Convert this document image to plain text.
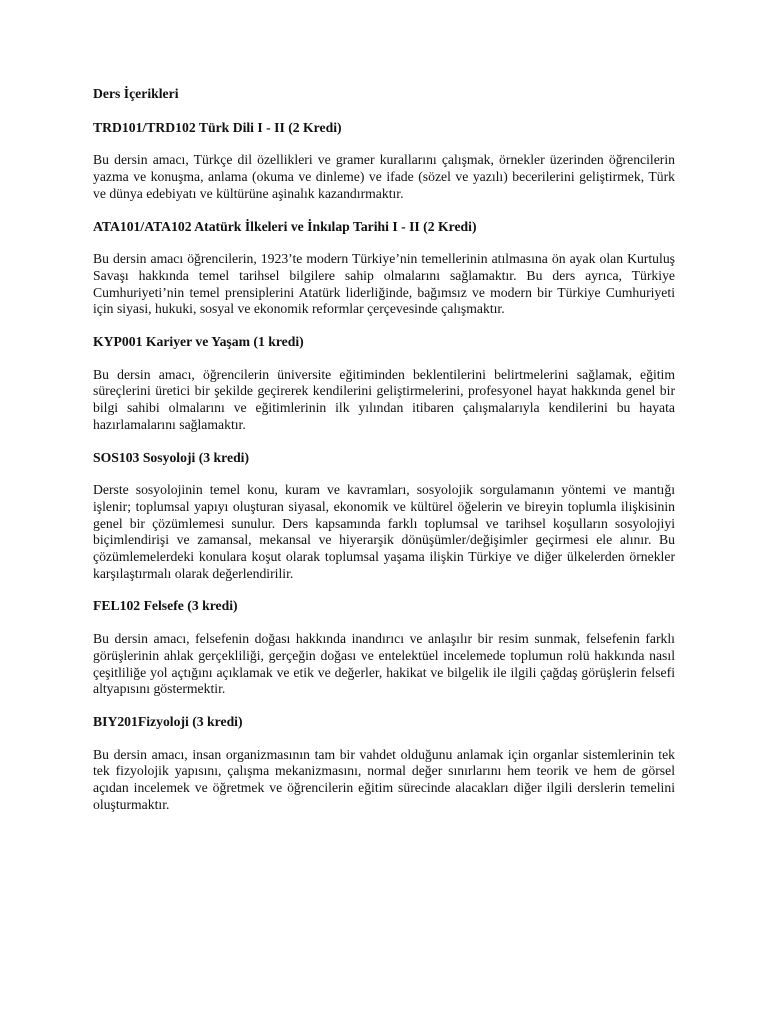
Ders İçerikleri

TRD101/TRD102 Türk Dili I - II (2 Kredi)

Bu dersin amacı, Türkçe dil özellikleri ve gramer kurallarını çalışmak, örnekler üzerinden öğrencilerin yazma ve konuşma, anlama (okuma ve dinleme) ve ifade (sözel ve yazılı) becerilerini geliştirmek, Türk ve dünya edebiyatı ve kültürüne aşinalık kazandırmaktır.

ATA101/ATA102 Atatürk İlkeleri ve İnkılap Tarihi I - II (2 Kredi)

Bu dersin amacı öğrencilerin, 1923’te modern Türkiye’nin temellerinin atılmasına ön ayak olan Kurtuluş Savaşı hakkında temel tarihsel bilgilere sahip olmalarını sağlamaktır. Bu ders ayrıca, Türkiye Cumhuriyeti’nin temel prensiplerini Atatürk liderliğinde, bağımsız ve modern bir Türkiye Cumhuriyeti için siyasi, hukuki, sosyal ve ekonomik reformlar çerçevesinde çalışmaktır.

KYP001 Kariyer ve Yaşam (1 kredi)

Bu dersin amacı, öğrencilerin üniversite eğitiminden beklentilerini belirtmelerini sağlamak, eğitim süreçlerini üretici bir şekilde geçirerek kendilerini geliştirmelerini, profesyonel hayat hakkında genel bir bilgi sahibi olmalarını ve eğitimlerinin ilk yılından itibaren çalışmalarıyla kendilerini bu hayata hazırlamalarını sağlamaktır.

SOS103 Sosyoloji (3 kredi)

Derste sosyolojinin temel konu, kuram ve kavramları, sosyolojik sorgulamanın yöntemi ve mantığı işlenir; toplumsal yapıyı oluşturan siyasal, ekonomik ve kültürel öğelerin ve bireyin toplumla ilişkisinin genel bir çözümlemesi sunulur. Ders kapsamında farklı toplumsal ve tarihsel koşulların sosyolojiyi biçimlendirişi ve zamansal, mekansal ve hiyerarşik dönüşümler/değişimler geçirmesi ele alınır. Bu çözümlemelerdeki konulara koşut olarak toplumsal yaşama ilişkin Türkiye ve diğer ülkelerden örnekler karşılaştırmalı olarak değerlendirilir.

FEL102 Felsefe (3 kredi)

Bu dersin amacı, felsefenin doğası hakkında inandırıcı ve anlaşılır bir resim sunmak, felsefenin farklı görüşlerinin ahlak gerçekliliği, gerçeğin doğası ve entelektüel incelemede toplumun rolü hakkında nasıl çeşitliliğe yol açtığını açıklamak ve etik ve değerler, hakikat ve bilgelik ile ilgili çağdaş görüşlerin felsefi altyapısını göstermektir.

BIY201Fizyoloji (3 kredi)

Bu dersin amacı, insan organizmasının tam bir vahdet olduğunu anlamak için organlar sistemlerinin tek tek fizyolojik yapısını, çalışma mekanizmasını, normal değer sınırlarını hem teorik ve hem de görsel açıdan incelemek ve öğretmek ve öğrencilerin eğitim sürecinde alacakları diğer ilgili derslerin temelini oluşturmaktır.
